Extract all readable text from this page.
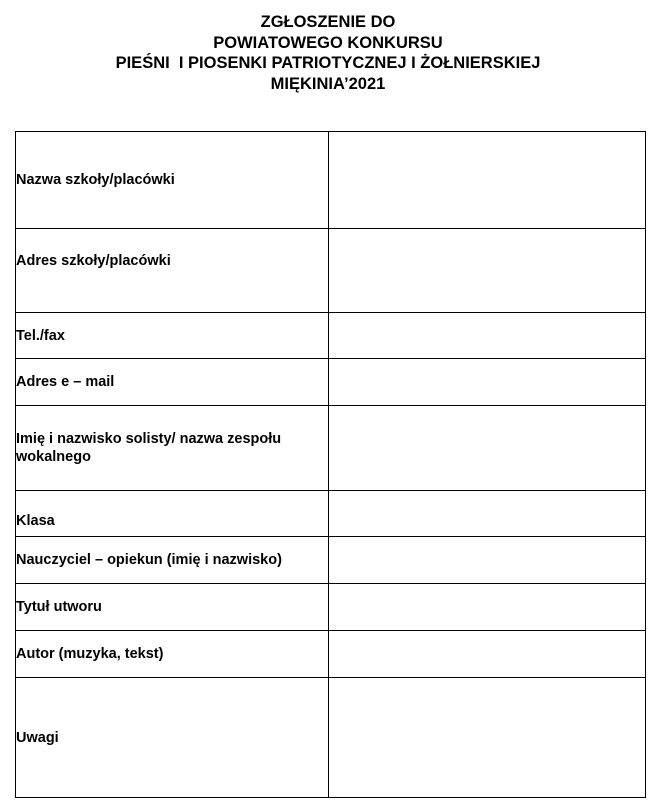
ZGŁOSZENIE DO
POWIATOWEGO KONKURSU
PIEŚNI  I PIOSENKI PATRIOTYCZNEJ I ŻOŁNIERSKIEJ
MIĘKINIA’2021
Nazwa szkoły/placówki	
Adres szkoły/placówki	
Tel./fax	
Adres e – mail	
Imię i nazwisko solisty/ nazwa zespołu wokalnego	
Klasa	
Nauczyciel – opiekun (imię i nazwisko)	
Tytuł utworu	
Autor (muzyka, tekst)	
Uwagi	
